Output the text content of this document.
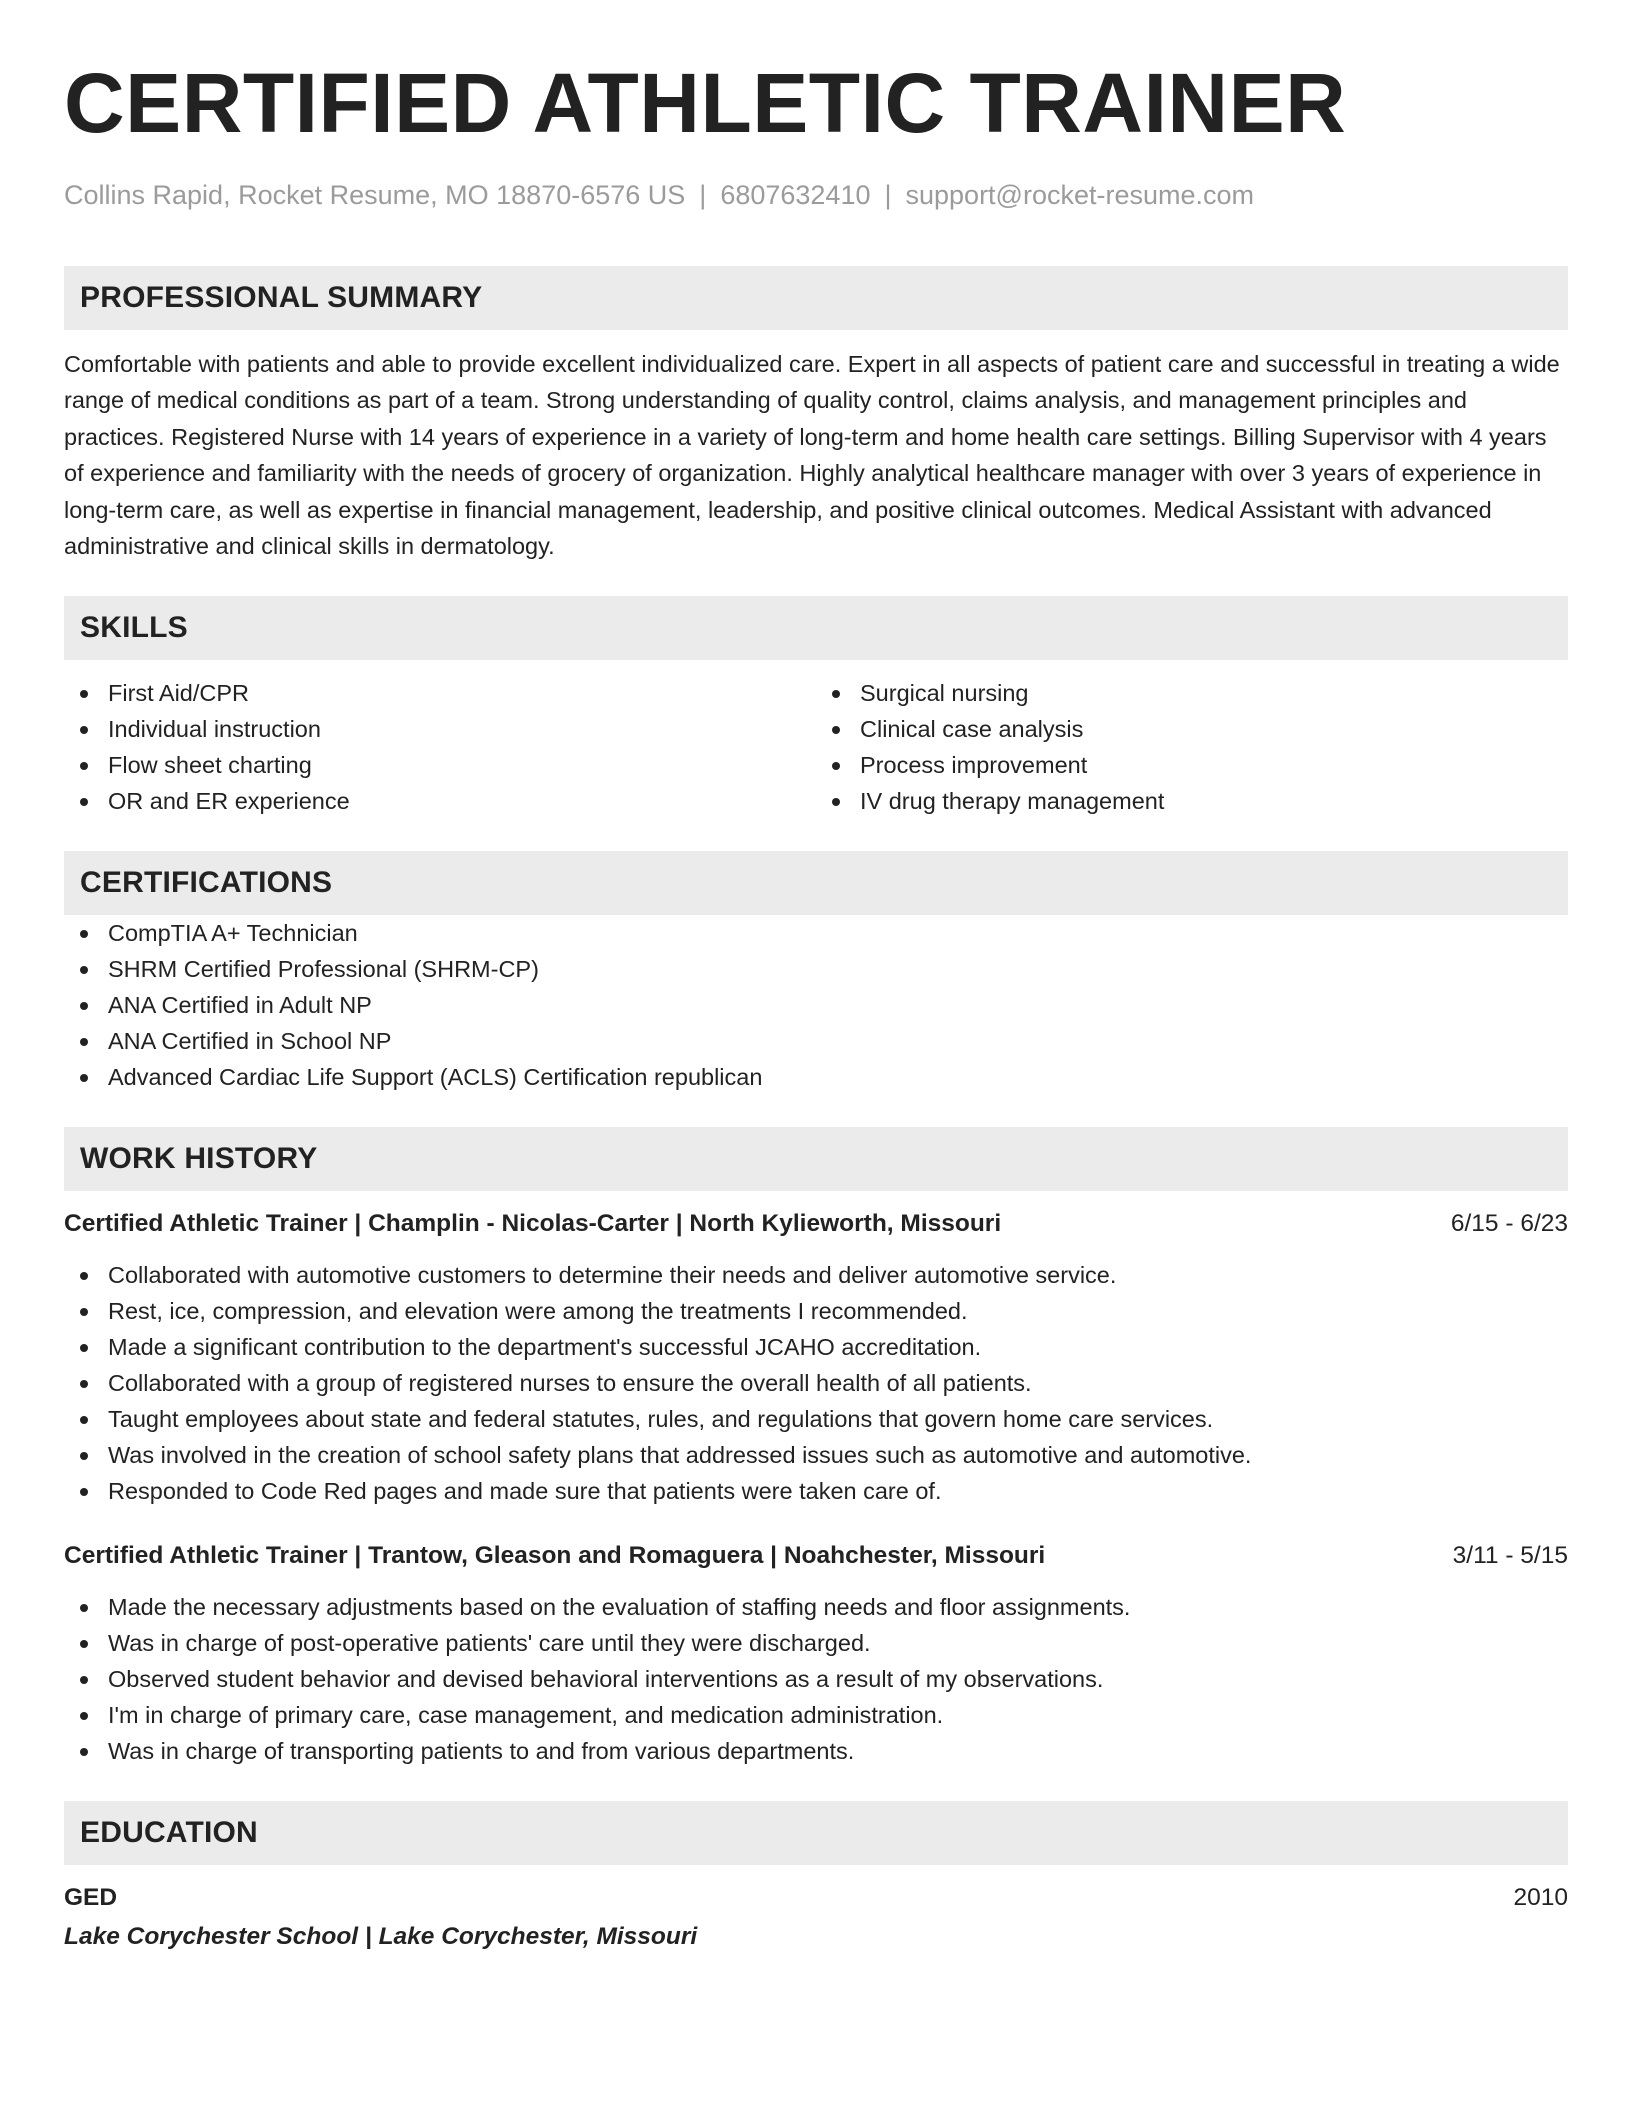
CERTIFIED ATHLETIC TRAINER
Collins Rapid, Rocket Resume, MO 18870-6576 US | 6807632410 | support@rocket-resume.com
PROFESSIONAL SUMMARY
Comfortable with patients and able to provide excellent individualized care. Expert in all aspects of patient care and successful in treating a wide range of medical conditions as part of a team. Strong understanding of quality control, claims analysis, and management principles and practices. Registered Nurse with 14 years of experience in a variety of long-term and home health care settings. Billing Supervisor with 4 years of experience and familiarity with the needs of grocery of organization. Highly analytical healthcare manager with over 3 years of experience in long-term care, as well as expertise in financial management, leadership, and positive clinical outcomes. Medical Assistant with advanced administrative and clinical skills in dermatology.
SKILLS
First Aid/CPR
Individual instruction
Flow sheet charting
OR and ER experience
Surgical nursing
Clinical case analysis
Process improvement
IV drug therapy management
CERTIFICATIONS
CompTIA A+ Technician
SHRM Certified Professional (SHRM-CP)
ANA Certified in Adult NP
ANA Certified in School NP
Advanced Cardiac Life Support (ACLS) Certification republican
WORK HISTORY
Certified Athletic Trainer | Champlin - Nicolas-Carter | North Kylieworth, Missouri	6/15 - 6/23
Collaborated with automotive customers to determine their needs and deliver automotive service.
Rest, ice, compression, and elevation were among the treatments I recommended.
Made a significant contribution to the department's successful JCAHO accreditation.
Collaborated with a group of registered nurses to ensure the overall health of all patients.
Taught employees about state and federal statutes, rules, and regulations that govern home care services.
Was involved in the creation of school safety plans that addressed issues such as automotive and automotive.
Responded to Code Red pages and made sure that patients were taken care of.
Certified Athletic Trainer | Trantow, Gleason and Romaguera | Noahchester, Missouri	3/11 - 5/15
Made the necessary adjustments based on the evaluation of staffing needs and floor assignments.
Was in charge of post-operative patients' care until they were discharged.
Observed student behavior and devised behavioral interventions as a result of my observations.
I'm in charge of primary care, case management, and medication administration.
Was in charge of transporting patients to and from various departments.
EDUCATION
GED	2010
Lake Corychester School | Lake Corychester, Missouri
